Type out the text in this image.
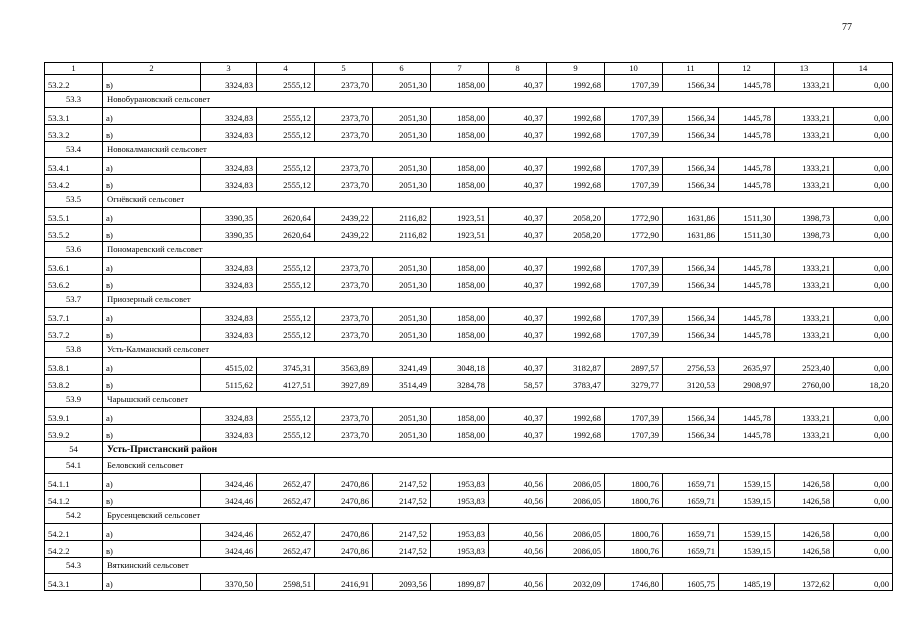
77
1	2	3	4	5	6	7	8	9	10	11	12	13	14
53.2.2	в)	3324,83	2555,12	2373,70	2051,30	1858,00	40,37	1992,68	1707,39	1566,34	1445,78	1333,21	0,00
53.3	Новобурановский сельсовет												
53.3.1	а)	3324,83	2555,12	2373,70	2051,30	1858,00	40,37	1992,68	1707,39	1566,34	1445,78	1333,21	0,00
53.3.2	в)	3324,83	2555,12	2373,70	2051,30	1858,00	40,37	1992,68	1707,39	1566,34	1445,78	1333,21	0,00
53.4	Новокалманский сельсовет												
53.4.1	а)	3324,83	2555,12	2373,70	2051,30	1858,00	40,37	1992,68	1707,39	1566,34	1445,78	1333,21	0,00
53.4.2	в)	3324,83	2555,12	2373,70	2051,30	1858,00	40,37	1992,68	1707,39	1566,34	1445,78	1333,21	0,00
53.5	Огнёвский сельсовет												
53.5.1	а)	3390,35	2620,64	2439,22	2116,82	1923,51	40,37	2058,20	1772,90	1631,86	1511,30	1398,73	0,00
53.5.2	в)	3390,35	2620,64	2439,22	2116,82	1923,51	40,37	2058,20	1772,90	1631,86	1511,30	1398,73	0,00
53.6	Пономаревский сельсовет												
53.6.1	а)	3324,83	2555,12	2373,70	2051,30	1858,00	40,37	1992,68	1707,39	1566,34	1445,78	1333,21	0,00
53.6.2	в)	3324,83	2555,12	2373,70	2051,30	1858,00	40,37	1992,68	1707,39	1566,34	1445,78	1333,21	0,00
53.7	Приозерный сельсовет												
53.7.1	а)	3324,83	2555,12	2373,70	2051,30	1858,00	40,37	1992,68	1707,39	1566,34	1445,78	1333,21	0,00
53.7.2	в)	3324,83	2555,12	2373,70	2051,30	1858,00	40,37	1992,68	1707,39	1566,34	1445,78	1333,21	0,00
53.8	Усть-Калманский сельсовет												
53.8.1	а)	4515,02	3745,31	3563,89	3241,49	3048,18	40,37	3182,87	2897,57	2756,53	2635,97	2523,40	0,00
53.8.2	в)	5115,62	4127,51	3927,89	3514,49	3284,78	58,57	3783,47	3279,77	3120,53	2908,97	2760,00	18,20
53.9	Чарышский сельсовет												
53.9.1	а)	3324,83	2555,12	2373,70	2051,30	1858,00	40,37	1992,68	1707,39	1566,34	1445,78	1333,21	0,00
53.9.2	в)	3324,83	2555,12	2373,70	2051,30	1858,00	40,37	1992,68	1707,39	1566,34	1445,78	1333,21	0,00
54	Усть-Пристанский район												
54.1	Беловский сельсовет												
54.1.1	а)	3424,46	2652,47	2470,86	2147,52	1953,83	40,56	2086,05	1800,76	1659,71	1539,15	1426,58	0,00
54.1.2	в)	3424,46	2652,47	2470,86	2147,52	1953,83	40,56	2086,05	1800,76	1659,71	1539,15	1426,58	0,00
54.2	Брусенцевский сельсовет												
54.2.1	а)	3424,46	2652,47	2470,86	2147,52	1953,83	40,56	2086,05	1800,76	1659,71	1539,15	1426,58	0,00
54.2.2	в)	3424,46	2652,47	2470,86	2147,52	1953,83	40,56	2086,05	1800,76	1659,71	1539,15	1426,58	0,00
54.3	Вяткинский сельсовет												
54.3.1	а)	3370,50	2598,51	2416,91	2093,56	1899,87	40,56	2032,09	1746,80	1605,75	1485,19	1372,62	0,00
